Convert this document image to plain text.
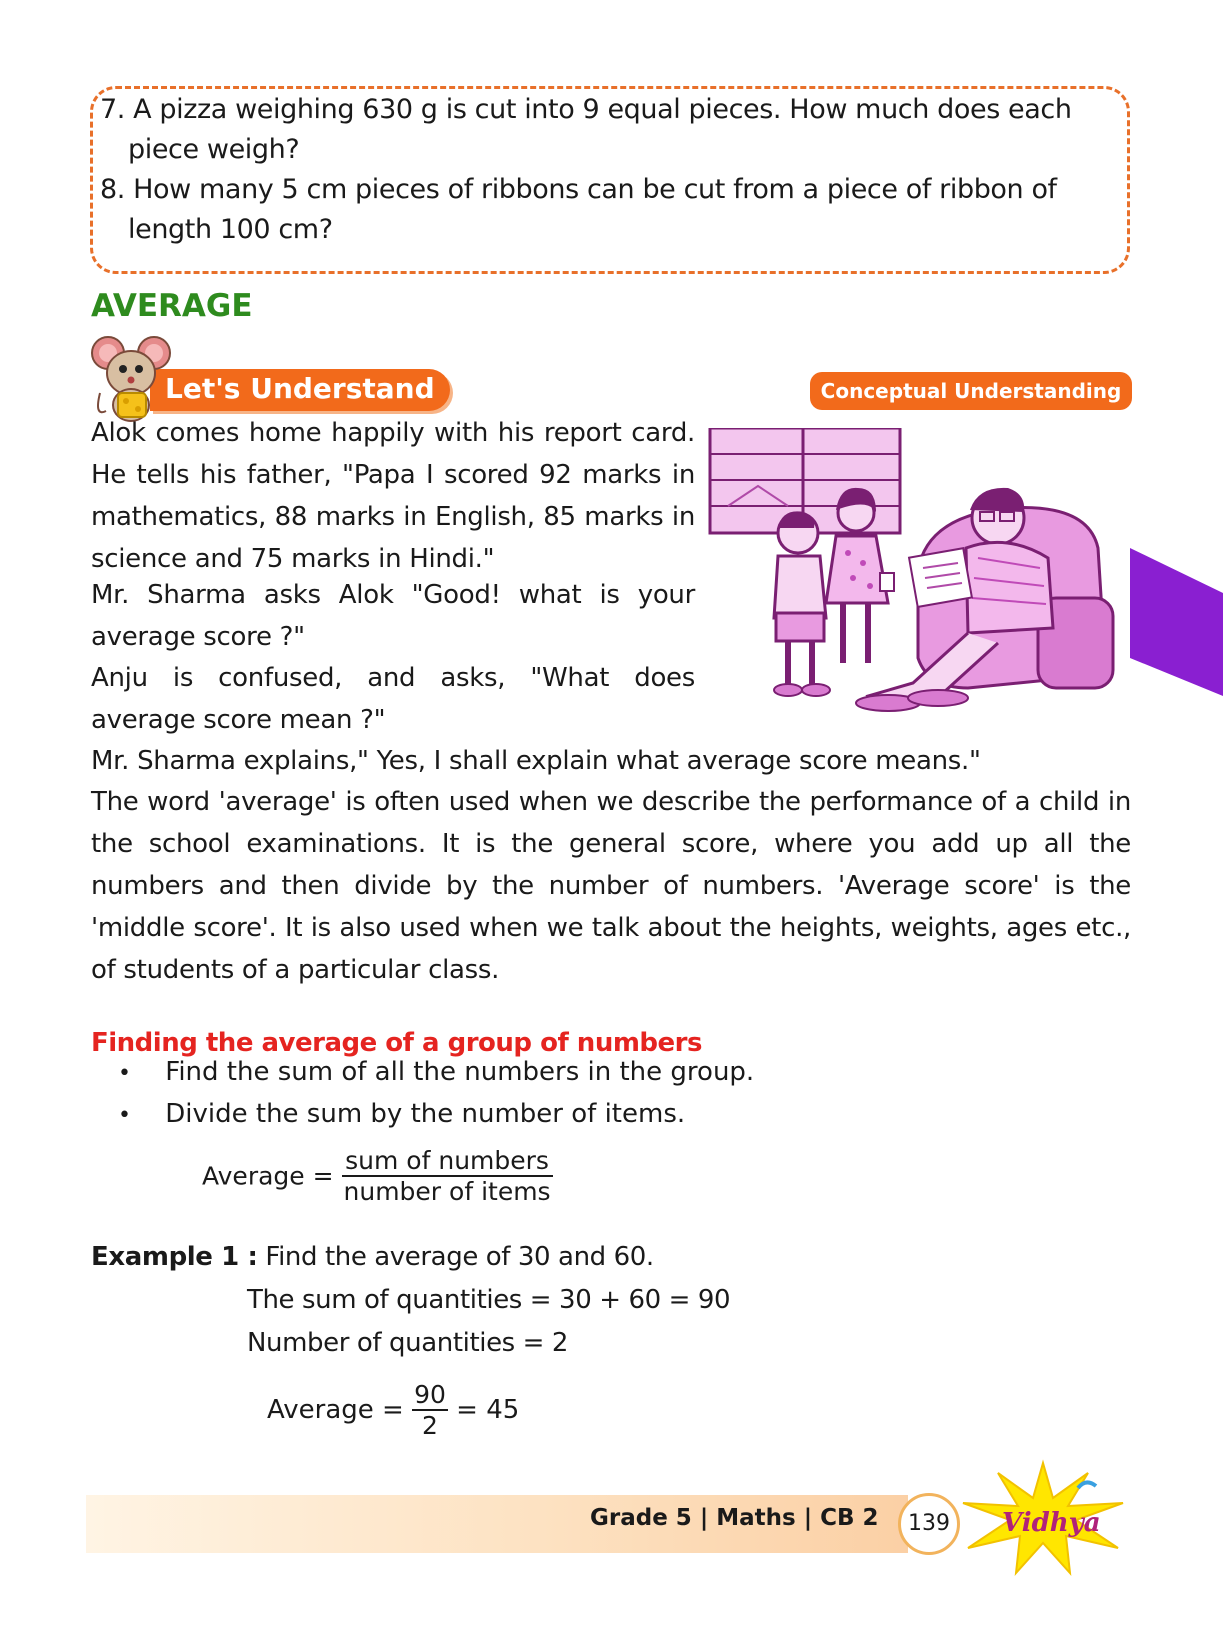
7. A pizza weighing 630 g is cut into 9 equal pieces. How much does each
piece weigh?
8. How many 5 cm pieces of ribbons can be cut from a piece of ribbon of
length 100 cm?
AVERAGE
Let's Understand	Conceptual Understanding
Alok comes home happily with his report card. He tells his father, "Papa I scored 92 marks in mathematics, 88 marks in English, 85 marks in science and 75 marks in Hindi."
Mr. Sharma asks Alok "Good! what is your average score ?"
Anju is confused, and asks, "What does average score mean ?"
Mr. Sharma explains," Yes, I shall explain what average score means."
The word 'average' is often used when we describe the performance of a child in the school examinations. It is the general score, where you add up all the numbers and then divide by the number of numbers. 'Average score' is the 'middle score'. It is also used when we talk about the heights, weights, ages etc., of students of a particular class.
Finding the average of a group of numbers
• Find the sum of all the numbers in the group.
• Divide the sum by the number of items.
Average = $\frac{\text{sum of numbers}}{\text{number of items}}$
Example 1 : Find the average of 30 and 60.
The sum of quantities = 30 + 60 = 90
Number of quantities = 2
Average = $\frac{90}{2} = 45$
Grade 5 | Maths | CB 2	139	Vidhya
